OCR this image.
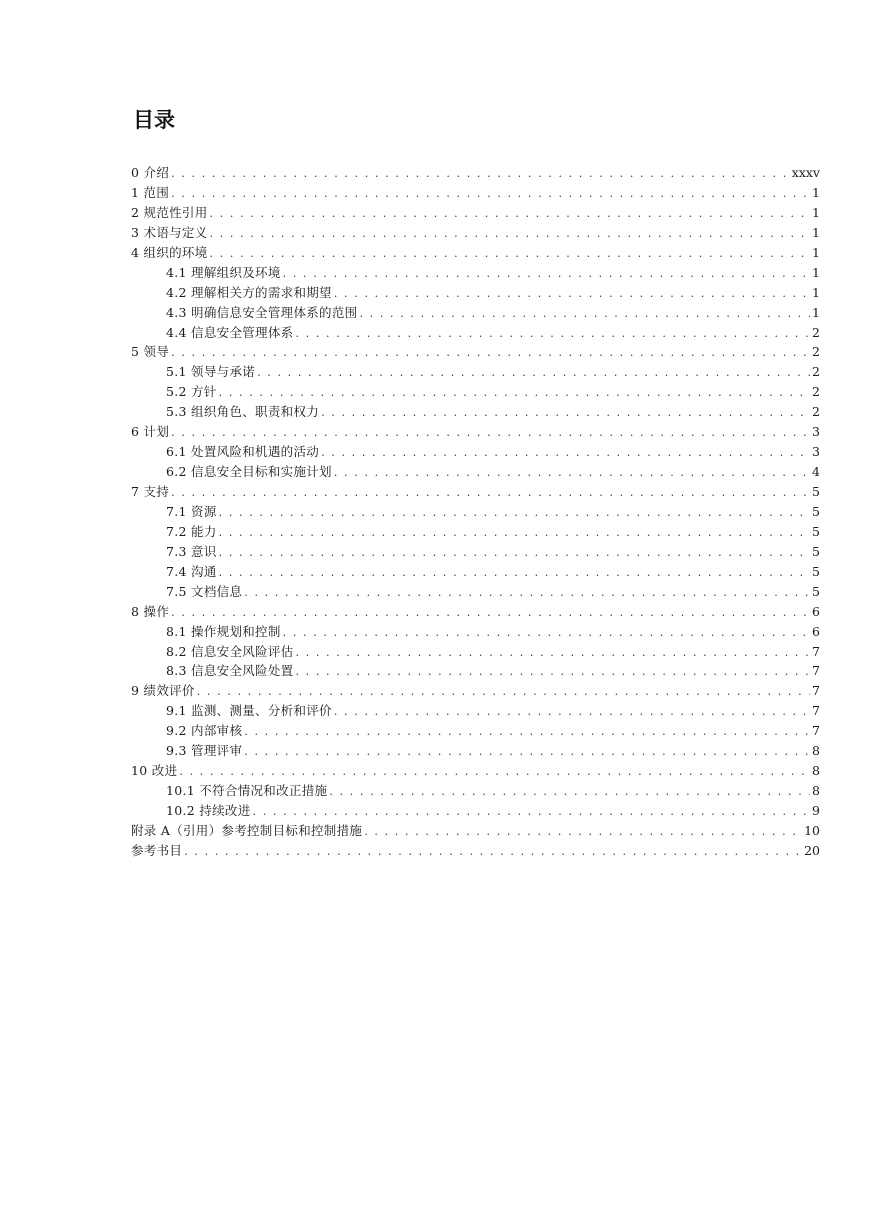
目录
0 介绍 . . .	xxxv
1 范围 . . .	1
2 规范性引用 . . .	1
3 术语与定义 . . .	1
4 组织的环境 . . .	1
4.1 理解组织及环境 . . .	1
4.2 理解相关方的需求和期望 . . .	1
4.3 明确信息安全管理体系的范围 . . .	1
4.4 信息安全管理体系 . . .	2
5 领导 . . .	2
5.1 领导与承诺 . . .	2
5.2 方针 . . .	2
5.3 组织角色、职责和权力 . . .	2
6 计划 . . .	3
6.1 处置风险和机遇的活动 . . .	3
6.2 信息安全目标和实施计划 . . .	4
7 支持 . . .	5
7.1 资源 . . .	5
7.2 能力 . . .	5
7.3 意识 . . .	5
7.4 沟通 . . .	5
7.5 文档信息 . . .	5
8 操作 . . .	6
8.1 操作规划和控制 . . .	6
8.2 信息安全风险评估 . . .	7
8.3 信息安全风险处置 . . .	7
9 绩效评价 . . .	7
9.1 监测、测量、分析和评价 . . .	7
9.2 内部审核 . . .	7
9.3 管理评审 . . .	8
10 改进 . . .	8
10.1 不符合情况和改正措施 . . .	8
10.2 持续改进 . . .	9
附录 A（引用）参考控制目标和控制措施 . . .	10
参考书目 . . .	20
